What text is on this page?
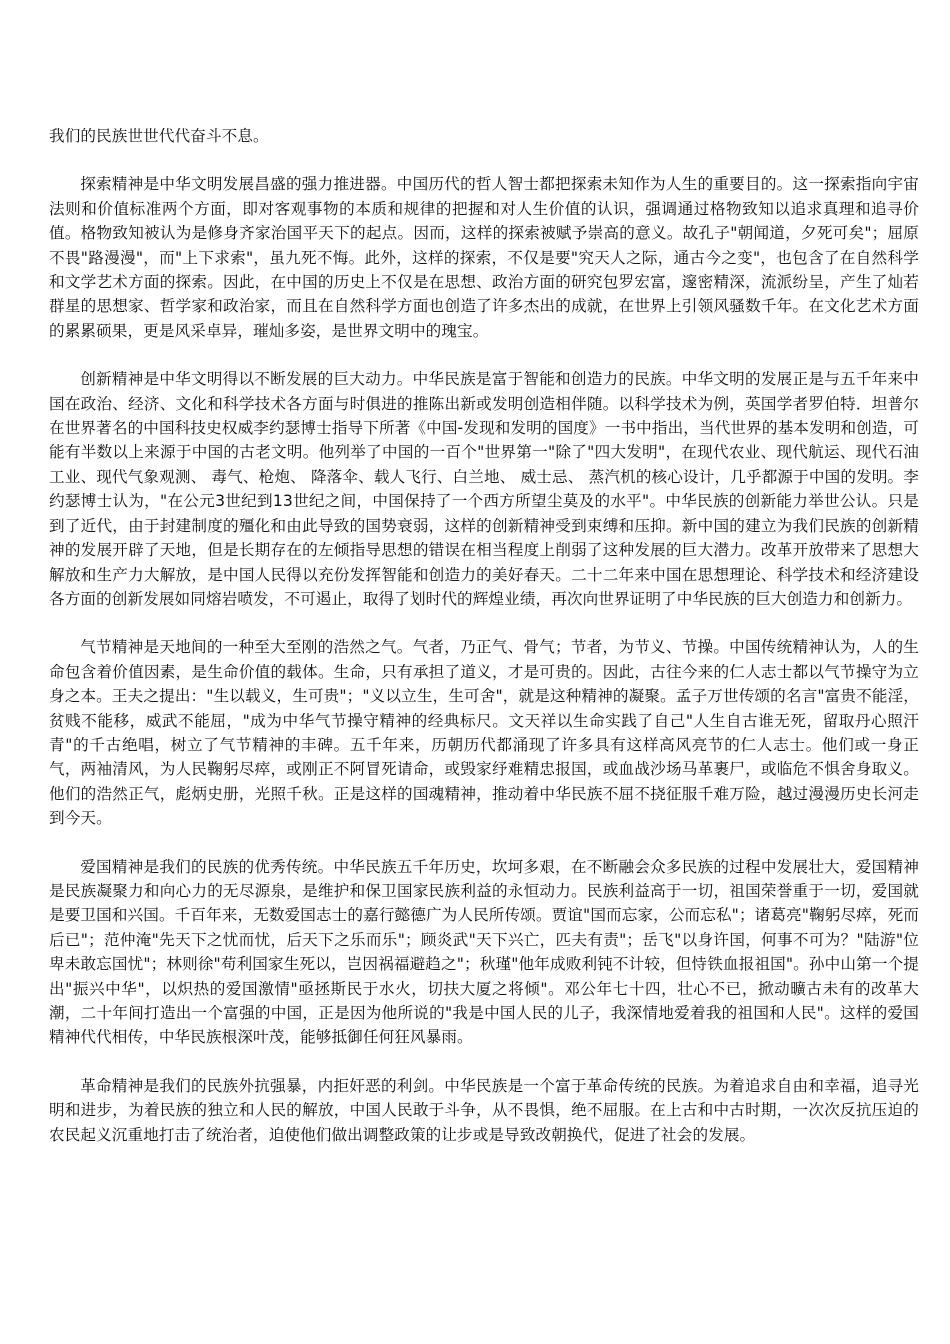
我们的民族世世代代奋斗不息。

探索精神是中华文明发展昌盛的强力推进器。中国历代的哲人智士都把探索未知作为人生的重要目的。这一探索指向宇宙法则和价值标准两个方面，即对客观事物的本质和规律的把握和对人生价值的认识，强调通过格物致知以追求真理和追寻价值。格物致知被认为是修身齐家治国平天下的起点。因而，这样的探索被赋予崇高的意义。故孔子"朝闻道，夕死可矣"；屈原不畏"路漫漫"，而"上下求索"，虽九死不悔。此外，这样的探索，不仅是要"究天人之际，通古今之变"，也包含了在自然科学和文学艺术方面的探索。因此，在中国的历史上不仅是在思想、政治方面的研究包罗宏富，邃密精深，流派纷呈，产生了灿若群星的思想家、哲学家和政治家，而且在自然科学方面也创造了许多杰出的成就，在世界上引领风骚数千年。在文化艺术方面的累累硕果，更是风采卓异，璀灿多姿，是世界文明中的瑰宝。

创新精神是中华文明得以不断发展的巨大动力。中华民族是富于智能和创造力的民族。中华文明的发展正是与五千年来中国在政治、经济、文化和科学技术各方面与时俱进的推陈出新或发明创造相伴随。以科学技术为例，英国学者罗伯特．坦普尔在世界著名的中国科技史权威李约瑟博士指导下所著《中国-发现和发明的国度》一书中指出，当代世界的基本发明和创造，可能有半数以上来源于中国的古老文明。他列举了中国的一百个"世界第一"除了"四大发明"，在现代农业、现代航运、现代石油工业、现代气象观测、 毒气、枪炮、 降落伞、载人飞行、白兰地、 威士忌、 蒸汽机的核心设计，几乎都源于中国的发明。李约瑟博士认为，"在公元3世纪到13世纪之间，中国保持了一个西方所望尘莫及的水平"。中华民族的创新能力举世公认。只是到了近代，由于封建制度的殭化和由此导致的国势衰弱，这样的创新精神受到束缚和压抑。新中国的建立为我们民族的创新精神的发展开辟了天地，但是长期存在的左倾指导思想的错误在相当程度上削弱了这种发展的巨大潜力。改革开放带来了思想大解放和生产力大解放，是中国人民得以充份发挥智能和创造力的美好春天。二十二年来中国在思想理论、科学技术和经济建设各方面的创新发展如同熔岩喷发，不可遏止，取得了划时代的辉煌业绩，再次向世界证明了中华民族的巨大创造力和创新力。

气节精神是天地间的一种至大至刚的浩然之气。气者，乃正气、骨气；节者，为节义、节操。中国传统精神认为，人的生命包含着价值因素，是生命价值的载体。生命，只有承担了道义，才是可贵的。因此，古往今来的仁人志士都以气节操守为立身之本。王夫之提出："生以载义，生可贵"；"义以立生，生可舍"，就是这种精神的凝聚。孟子万世传颂的名言"富贵不能淫，贫贱不能移，威武不能屈，"成为中华气节操守精神的经典标尺。文天祥以生命实践了自己"人生自古谁无死，留取丹心照汗青"的千古绝唱，树立了气节精神的丰碑。五千年来，历朝历代都涌现了许多具有这样高风亮节的仁人志士。他们或一身正气，两袖清风，为人民鞠躬尽瘁，或刚正不阿冒死请命，或毁家纾难精忠报国，或血战沙场马革裹尸，或临危不惧舍身取义。他们的浩然正气，彪炳史册，光照千秋。正是这样的国魂精神，推动着中华民族不屈不挠征服千难万险，越过漫漫历史长河走到今天。

爱国精神是我们的民族的优秀传统。中华民族五千年历史，坎坷多艰，在不断融会众多民族的过程中发展壮大，爱国精神是民族凝聚力和向心力的无尽源泉，是维护和保卫国家民族利益的永恒动力。民族利益高于一切，祖国荣誉重于一切，爱国就是要卫国和兴国。千百年来，无数爱国志士的嘉行懿德广为人民所传颂。贾谊"国而忘家，公而忘私"；诸葛亮"鞠躬尽瘁，死而后已"；范仲淹"先天下之忧而忧，后天下之乐而乐"；顾炎武"天下兴亡，匹夫有责"；岳飞"以身许国，何事不可为？"陆游"位卑未敢忘国忧"；林则徐"苟利国家生死以，岂因祸福避趋之"；秋瑾"他年成败利钝不计较，但恃铁血报祖国"。孙中山第一个提出"振兴中华"，以炽热的爱国激情"亟拯斯民于水火，切扶大厦之将倾"。邓公年七十四，壮心不已，掀动曠古未有的改革大潮，二十年间打造出一个富强的中国，正是因为他所说的"我是中国人民的儿子，我深情地爱着我的祖国和人民"。这样的爱国精神代代相传，中华民族根深叶茂，能够抵御任何狂风暴雨。

革命精神是我们的民族外抗强暴，内拒奸恶的利剑。中华民族是一个富于革命传统的民族。为着追求自由和幸福，追寻光明和进步，为着民族的独立和人民的解放，中国人民敢于斗争，从不畏惧，绝不屈服。在上古和中古时期，一次次反抗压迫的农民起义沉重地打击了统治者，迫使他们做出调整政策的让步或是导致改朝换代，促进了社会的发展。
